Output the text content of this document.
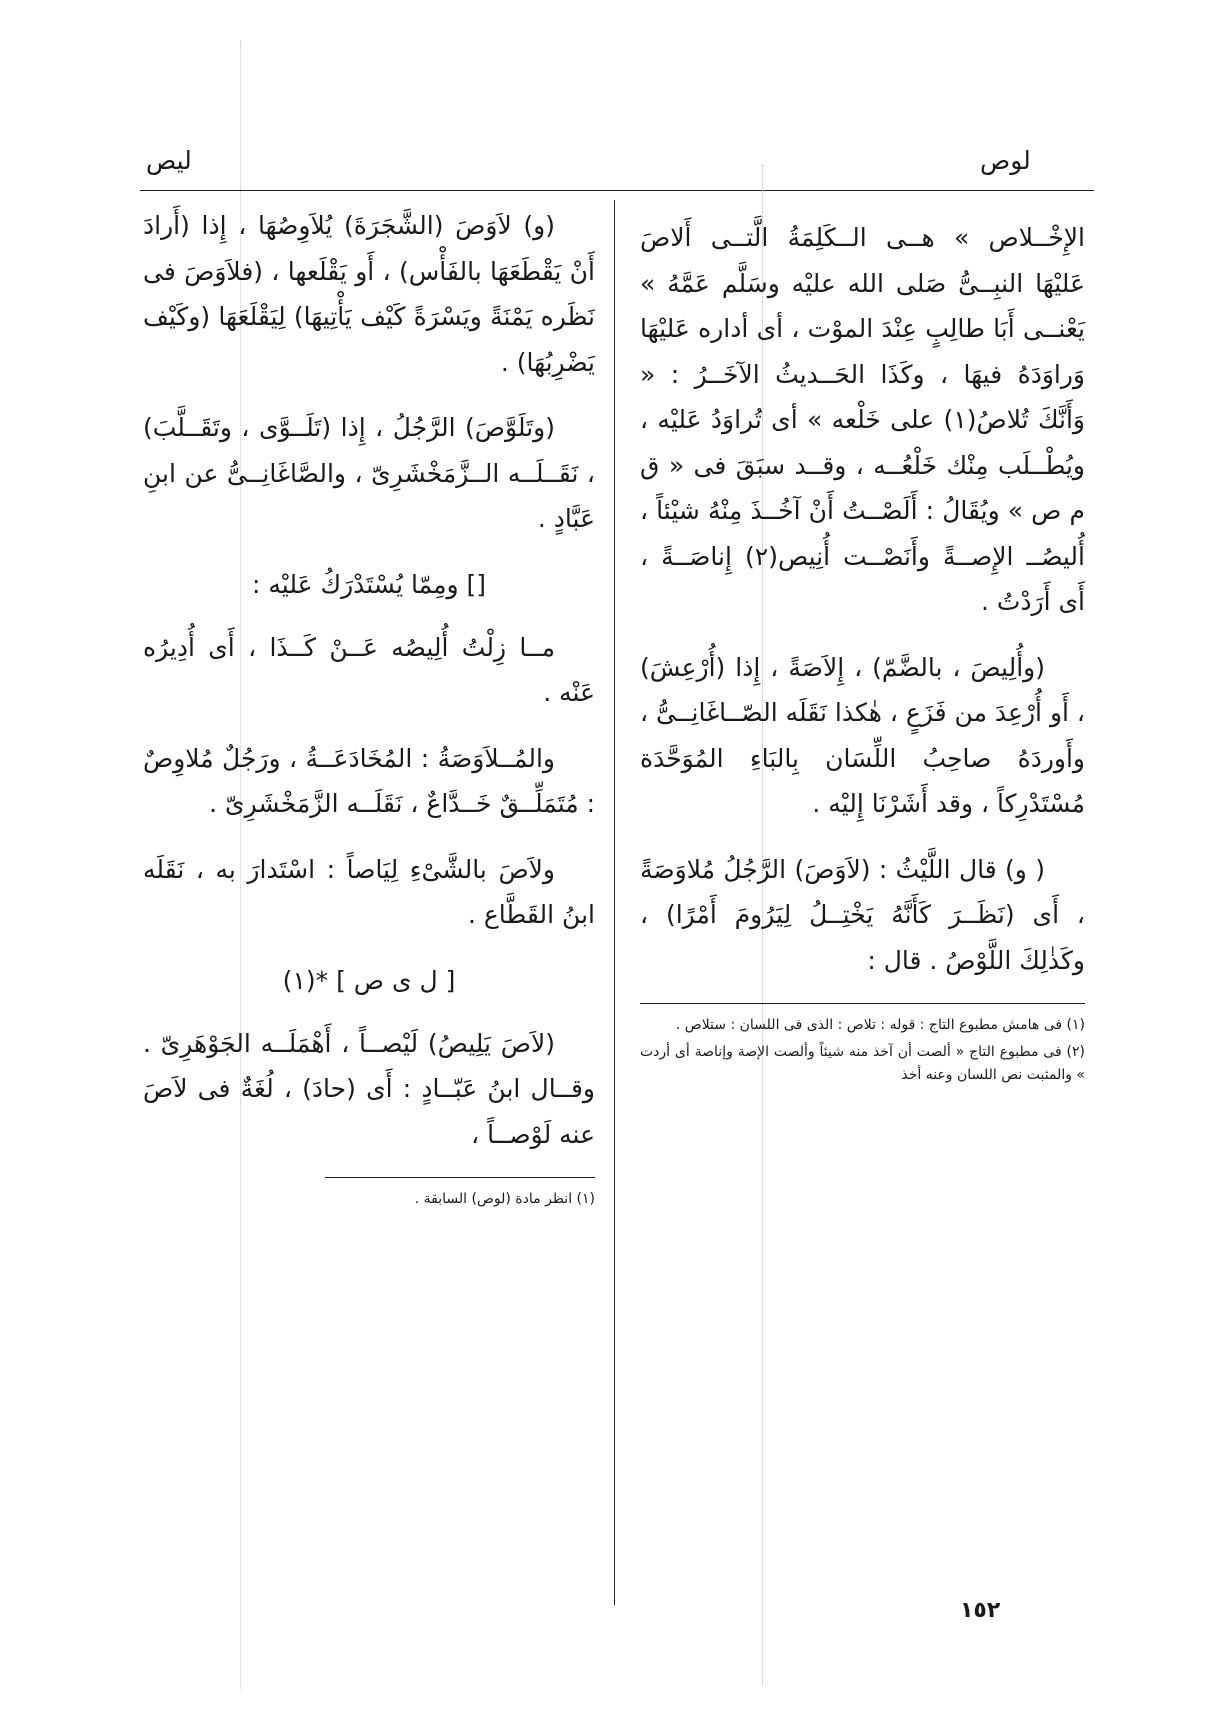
ليص	لوص

الإِخْــلاص » هــى الــكَلِمَةُ الَّتــى أَلاصَ عَليْهَا النبِــىُّ صَلى الله عليْه وسَلَّم عَمَّهُ » يَعْنــى أَبَا طالِبٍ عِنْدَ الموْت ، أى أداره عَليْهَا وَراوَدَهُ فيهَا ، وكَذَا الحَــديثُ الآخَــرُ : « وَأَنَّكَ تُلاصُ(١) على خَلْعه » أى تُراوَدُ عَليْه ، ويُطْــلَب مِنْك خَلْعُــه ، وقــد سبَقَ فى « ق م ص » ويُقَالُ : أَلَصْــتُ أَنْ آخُــذَ مِنْهُ شيْئاً ، أُليصُــ الإِصــةً وأَنَصْــت أُنِيص(٢) إِناصَــةً ، أَى أَرَدْتُ .

(وأُلِيصَ ، بالضَّمّ) ، إِلاَصَةً ، إِذا (أُرْعِشَ) ، أَو أُرْعِدَ من فَزَعٍ ، هٰكذا نَقَلَه الصّــاغَانِــىُّ ، وأَوردَهُ صاحِبُ اللِّسَان بِالبَاءِ المُوَحَّدَة مُسْتَدْرِكاً ، وقد أَشَرْنَا إِليْه .

( و) قال اللَّيْثُ : (لاَوَصَ) الرَّجُلُ مُلاوَصَةً ، أَى (نَظَــرَ كَأَنَّهُ يَخْتِــلُ لِيَرُومَ أَمْرًا) ، وكَذٰلِكَ اللَّوْصُ . قال :

(١) فى هامش مطبوع التاج : قوله : تلاص : الذى فى اللسان : ستلاص .

(٢) فى مطبوع التاج « ألصت أن آخذ منه شيئاً وألصت الإصة وإناصة أى أردت » والمثبت نص اللسان وعنه أخذ

(و) لاَوَصَ (الشَّجَرَةَ) يُلاَوِصُهَا ، إِذا (أَرادَ أَنْ يَقْطَعَهَا بالفَأْس) ، أَو يَقْلَعها ، (فلاَوَصَ فى نَظَره يَمْنَةً ويَسْرَةً كَيْف يَأْتِيهَا) لِيَقْلَعَهَا (وكَيْف يَضْرِبُهَا) .

(وتَلَوَّصَ) الرَّجُلُ ، إِذا (تَلَــوَّى ، وتَقَــلَّبَ) ، نَقَــلَــه الــزَّمَخْشَرِىّ ، والصَّاغَانِــىُّ عن ابنِ عَبَّادٍ .

[] ومِمّا يُسْتَدْرَكُ عَليْه :

مــا زِلْتُ أُلِيصُه عَــنْ كَــذَا ، أَى أُدِيرُه عَنْه .

والمُــلاَوَصَةُ : المُخَادَعَــةُ ، ورَجُلٌ مُلاوِصٌ : مُتَمَلِّــقٌ خَــدَّاعٌ ، نَقَلَــه الزَّمَخْشَرِىّ .

ولاَصَ بالشَّىْءِ لِيَاصاً : اسْتَدارَ به ، نَقَلَه ابنُ القَطَّاع .

[ ل ى ص ] *(١)

(لاَصَ يَلِيصُ) لَيْصــاً ، أَهْمَلَــه الجَوْهَرِىّ . وقــال ابنُ عَبّــادٍ : أَى (حادَ) ، لُغَةٌ فى لاَصَ عنه لَوْصــاً ،

(١) انظر مادة (لوص) السابقة .

١٥٢
